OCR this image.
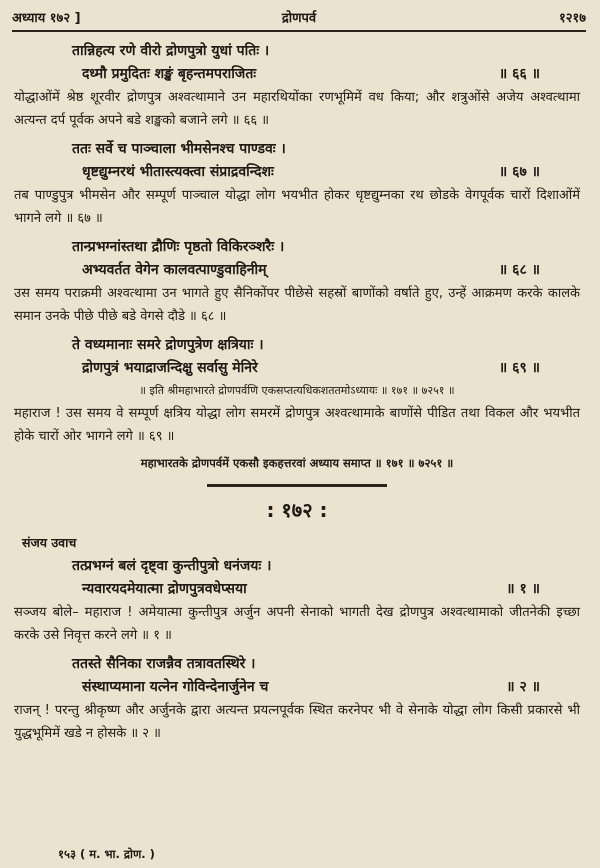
अध्याय १७२ ]	द्रोणपर्व	१२१७
तान्निहत्य रणे वीरो द्रोणपुत्रो युधां पतिः ।
दध्मौ प्रमुदितः शङ्खं बृहन्तमपराजितः	॥ ६६ ॥
योद्धाओंमें श्रेष्ठ शूरवीर द्रोणपुत्र अश्वत्थामाने उन महारथियोंका रणभूमिमें वध किया; और शत्रुओंसे अजेय अश्वत्थामा अत्यन्त दर्प पूर्वक अपने बडे शङ्खको बजाने लगे ॥ ६६ ॥
ततः सर्वे च पाञ्चाला भीमसेनश्च पाण्डवः ।
धृष्टद्युम्नरथं भीतास्त्यक्त्वा संप्राद्रवन्दिशः	॥ ६७ ॥
तब पाण्डुपुत्र भीमसेन और सम्पूर्ण पाञ्चाल योद्धा लोग भयभीत होकर धृष्टद्युम्नका रथ छोडके वेगपूर्वक चारों दिशाओंमें भागने लगे ॥ ६७ ॥
तान्प्रभग्नांस्तथा द्रौणिः पृष्ठतो विकिरञ्शरैः ।
अभ्यवर्तत वेगेन कालवत्पाण्डुवाहिनीम्	॥ ६८ ॥
उस समय पराक्रमी अश्वत्थामा उन भागते हुए सैनिकोंपर पीछेसे सहस्रों बाणोंको वर्षाते हुए, उन्हें आक्रमण करके कालके समान उनके पीछे पीछे बडे वेगसे दौडे ॥ ६८ ॥
ते वध्यमानाः समरे द्रोणपुत्रेण क्षत्रियाः ।
द्रोणपुत्रं भयाद्राजन्दिक्षु सर्वासु मेनिरे	॥ ६९ ॥
॥ इति श्रीमहाभारते द्रोणपर्वणि एकसप्तत्यधिकशततमोऽध्यायः ॥ १७१ ॥ ७२५१ ॥
महाराज ! उस समय वे सम्पूर्ण क्षत्रिय योद्धा लोग समरमें द्रोणपुत्र अश्वत्थामाके बाणोंसे पीडित तथा विकल और भयभीत होके चारों ओर भागने लगे ॥ ६९ ॥
महाभारतके द्रोणपर्वमें एकसौ इकहत्तरवां अध्याय समाप्त ॥ १७१ ॥ ७२५१ ॥
: १७२ :
संजय उवाच
तत्प्रभग्नं बलं दृष्ट्वा कुन्तीपुत्रो धनंजयः ।
न्यवारयदमेयात्मा द्रोणपुत्रवधेप्सया	॥ १ ॥
सञ्जय बोले– महाराज ! अमेयात्मा कुन्तीपुत्र अर्जुन अपनी सेनाको भागती देख द्रोणपुत्र अश्वत्थामाको जीतनेकी इच्छा करके उसे निवृत्त करने लगे ॥ १ ॥
ततस्ते सैनिका राजन्नैव तत्रावतस्थिरे ।
संस्थाप्यमाना यत्नेन गोविन्देनार्जुनेन च	॥ २ ॥
राजन् ! परन्तु श्रीकृष्ण और अर्जुनके द्वारा अत्यन्त प्रयत्नपूर्वक स्थित करनेपर भी वे सेनाके योद्धा लोग किसी प्रकारसे भी युद्धभूमिमें खडे न होसके ॥ २ ॥
१५३ ( म. भा. द्रोण. )
